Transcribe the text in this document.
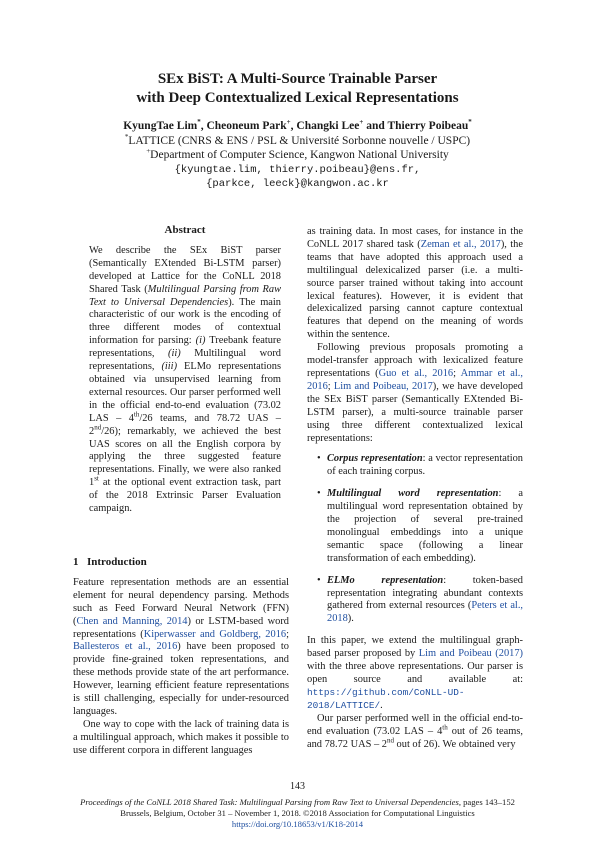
SEx BiST: A Multi-Source Trainable Parser
with Deep Contextualized Lexical Representations
KyungTae Lim*, Cheoneum Park+, Changki Lee+ and Thierry Poibeau*
*LATTICE (CNRS & ENS / PSL & Université Sorbonne nouvelle / USPC)
+Department of Computer Science, Kangwon National University
{kyungtae.lim, thierry.poibeau}@ens.fr,
{parkce, leeck}@kangwon.ac.kr
Abstract

We describe the SEx BiST parser (Semantically EXtended Bi-LSTM parser) developed at Lattice for the CoNLL 2018 Shared Task (Multilingual Parsing from Raw Text to Universal Dependencies). The main characteristic of our work is the encoding of three different modes of contextual information for parsing: (i) Treebank feature representations, (ii) Multilingual word representations, (iii) ELMo representations obtained via unsupervised learning from external resources. Our parser performed well in the official end-to-end evaluation (73.02 LAS – 4th/26 teams, and 78.72 UAS – 2nd/26); remarkably, we achieved the best UAS scores on all the English corpora by applying the three suggested feature representations. Finally, we were also ranked 1st at the optional event extraction task, part of the 2018 Extrinsic Parser Evaluation campaign.

1 Introduction

Feature representation methods are an essential element for neural dependency parsing. Methods such as Feed Forward Neural Network (FFN) (Chen and Manning, 2014) or LSTM-based word representations (Kiperwasser and Goldberg, 2016; Ballesteros et al., 2016) have been proposed to provide fine-grained token representations, and these methods provide state of the art performance. However, learning efficient feature representations is still challenging, especially for under-resourced languages.

One way to cope with the lack of training data is a multilingual approach, which makes it possible to use different corpora in different languages

as training data. In most cases, for instance in the CoNLL 2017 shared task (Zeman et al., 2017), the teams that have adopted this approach used a multilingual delexicalized parser (i.e. a multi-source parser trained without taking into account lexical features). However, it is evident that delexicalized parsing cannot capture contextual features that depend on the meaning of words within the sentence.

Following previous proposals promoting a model-transfer approach with lexicalized feature representations (Guo et al., 2016; Ammar et al., 2016; Lim and Poibeau, 2017), we have developed the SEx BiST parser (Semantically EXtended Bi-LSTM parser), a multi-source trainable parser using three different contextualized lexical representations:

• Corpus representation: a vector representation of each training corpus.
• Multilingual word representation: a multilingual word representation obtained by the projection of several pre-trained monolingual embeddings into a unique semantic space (following a linear transformation of each embedding).
• ELMo representation: token-based representation integrating abundant contexts gathered from external resources (Peters et al., 2018).

In this paper, we extend the multilingual graph-based parser proposed by Lim and Poibeau (2017) with the three above representations. Our parser is open source and available at: https://github.com/CoNLL-UD-2018/LATTICE/.

Our parser performed well in the official end-to-end evaluation (73.02 LAS – 4th out of 26 teams, and 78.72 UAS – 2nd out of 26). We obtained very

143
Proceedings of the CoNLL 2018 Shared Task: Multilingual Parsing from Raw Text to Universal Dependencies, pages 143–152
Brussels, Belgium, October 31 – November 1, 2018. ©2018 Association for Computational Linguistics
https://doi.org/10.18653/v1/K18-2014
